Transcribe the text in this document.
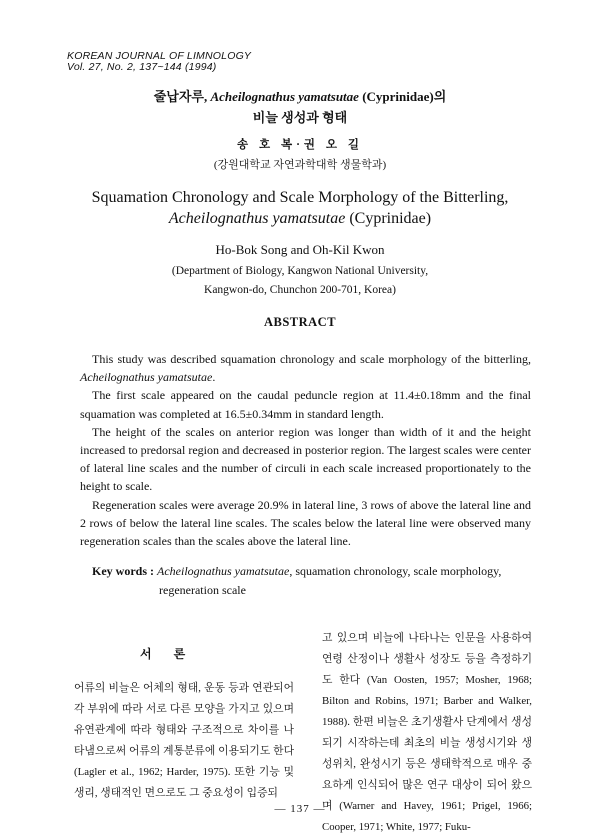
KOREAN JOURNAL OF LIMNOLOGY
Vol. 27, No. 2, 137~144 (1994)
줄납자루, Acheilognathus yamatsutae (Cyprinidae)의
비늘 생성과 형태
송 호 복·권 오 길
(강원대학교 자연과학대학 생물학과)
Squamation Chronology and Scale Morphology of the Bitterling,
Acheilognathus yamatsutae (Cyprinidae)
Ho-Bok Song and Oh-Kil Kwon
(Department of Biology, Kangwon National University,
Kangwon-do, Chunchon 200-701, Korea)
ABSTRACT

This study was described squamation chronology and scale morphology of the bitterling, Acheilognathus yamatsutae.

The first scale appeared on the caudal peduncle region at 11.4±0.18mm and the final squamation was completed at 16.5±0.34mm in standard length.

The height of the scales on anterior region was longer than width of it and the height increased to predorsal region and decreased in posterior region. The largest scales were center of lateral line scales and the number of circuli in each scale increased proportionately to the height to scale.

Regeneration scales were average 20.9% in lateral line, 3 rows of above the lateral line and 2 rows of below the lateral line scales. The scales below the lateral line were observed many regeneration scales than the scales above the lateral line.

Key words : Acheilognathus yamatsutae, squamation chronology, scale morphology,
regeneration scale
서론

어류의 비늘은 어체의 형태, 운동 등과 연관되어 각 부위에 따라 서로 다른 모양을 가지고 있으며 유연관계에 따라 형태와 구조적으로 차이를 나타냄으로써 어류의 계통분류에 이용되기도 한다 (Lagler et al., 1962; Harder, 1975). 또한 기능 및 생리, 생태적인 면으로도 그 중요성이 입증되

고 있으며 비늘에 나타나는 인문을 사용하여 연령 산정이나 생활사 성장도 등을 측정하기도 한다 (Van Oosten, 1957; Mosher, 1968; Bilton and Robins, 1971; Barber and Walker, 1988). 한편 비늘은 초기생활사 단계에서 생성되기 시작하는데 최초의 비늘 생성시기와 생성위치, 완성시기 등은 생태학적으로 매우 중요하게 인식되어 많은 연구 대상이 되어 왔으며 (Warner and Havey, 1961; Prigel, 1966; Cooper, 1971; White, 1977; Fuku-

— 137 —
